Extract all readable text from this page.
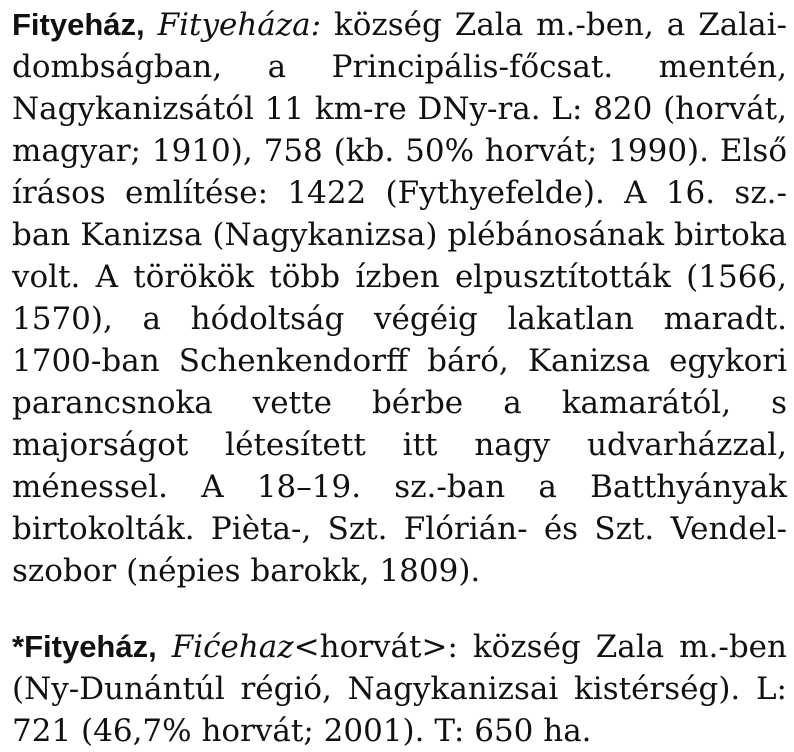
Fityeház, Fityeháza: község Zala m.-ben, a Zalai-dombságban, a Principális-főcsat. mentén, Nagykanizsától 11 km-re DNy-ra. L: 820 (horvát, magyar; 1910), 758 (kb. 50% horvát; 1990). Első írásos említése: 1422 (Fythyefelde). A 16. sz.-ban Kanizsa (Nagykanizsa) plébánosának birtoka volt. A törökök több ízben elpusztították (1566, 1570), a hódoltság végéig lakatlan maradt. 1700-ban Schenkendorff báró, Kanizsa egykori parancsnoka vette bérbe a kamarától, s majorságot létesített itt nagy udvarházzal, ménessel. A 18–19. sz.-ban a Batthyányak birtokolták. Pièta-, Szt. Flórián- és Szt. Vendel-szobor (népies barokk, 1809).

*Fityeház, Fićehaz<horvát>: község Zala m.-ben (Ny-Dunántúl régió, Nagykanizsai kistérség). L: 721 (46,7% horvát; 2001). T: 650 ha.
